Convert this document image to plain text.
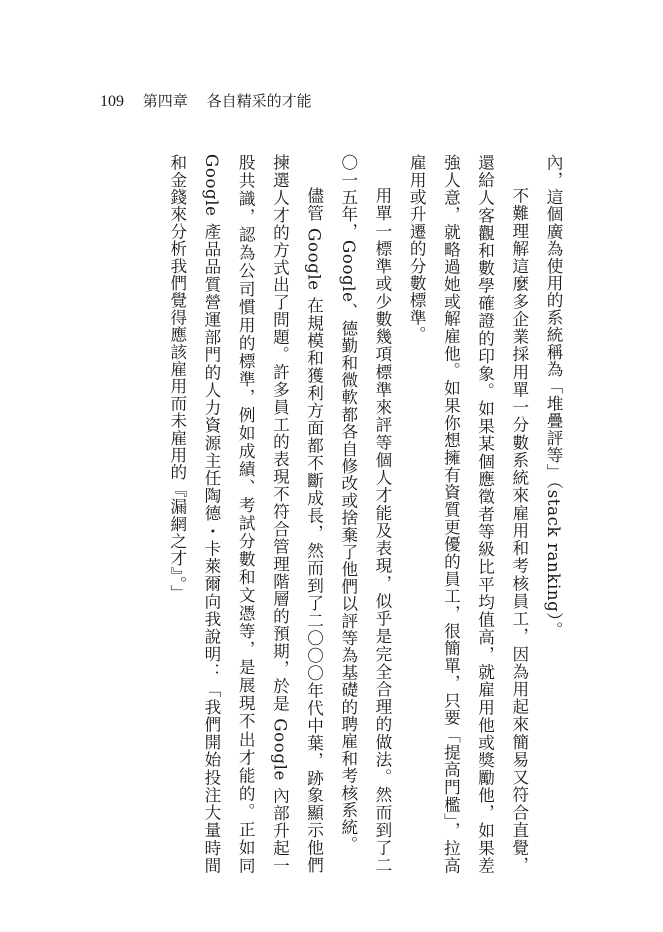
109 第四章 各自精采的才能

內，這個廣為使用的系統稱為「堆疊評等」（stack ranking）。

不難理解這麼多企業採用單一分數系統來雇用和考核員工，因為用起來簡易又符合直覺，還給人客觀和數學確證的印象。如果某個應徵者等級比平均值高，就雇用他或獎勵他，如果差強人意，就略過她或解雇他。如果你想擁有資質更優的員工，很簡單，只要「提高門檻」，拉高雇用或升遷的分數標準。

用單一標準或少數幾項標準來評等個人才能及表現，似乎是完全合理的做法。然而到了二〇一五年，Google、德勤和微軟都各自修改或捨棄了他們以評等為基礎的聘雇和考核系統。

儘管 Google 在規模和獲利方面都不斷成長，然而到了二〇〇〇年代中葉，跡象顯示他們揀選人才的方式出了問題。許多員工的表現不符合管理階層的預期，於是 Google 內部升起一股共識，認為公司慣用的標準，例如成績、考試分數和文憑等，是展現不出才能的。正如同 Google 產品品質營運部門的人力資源主任陶德・卡萊爾向我說明：「我們開始投注大量時間和金錢來分析我們覺得應該雇用而未雇用的『漏網之才』。」
